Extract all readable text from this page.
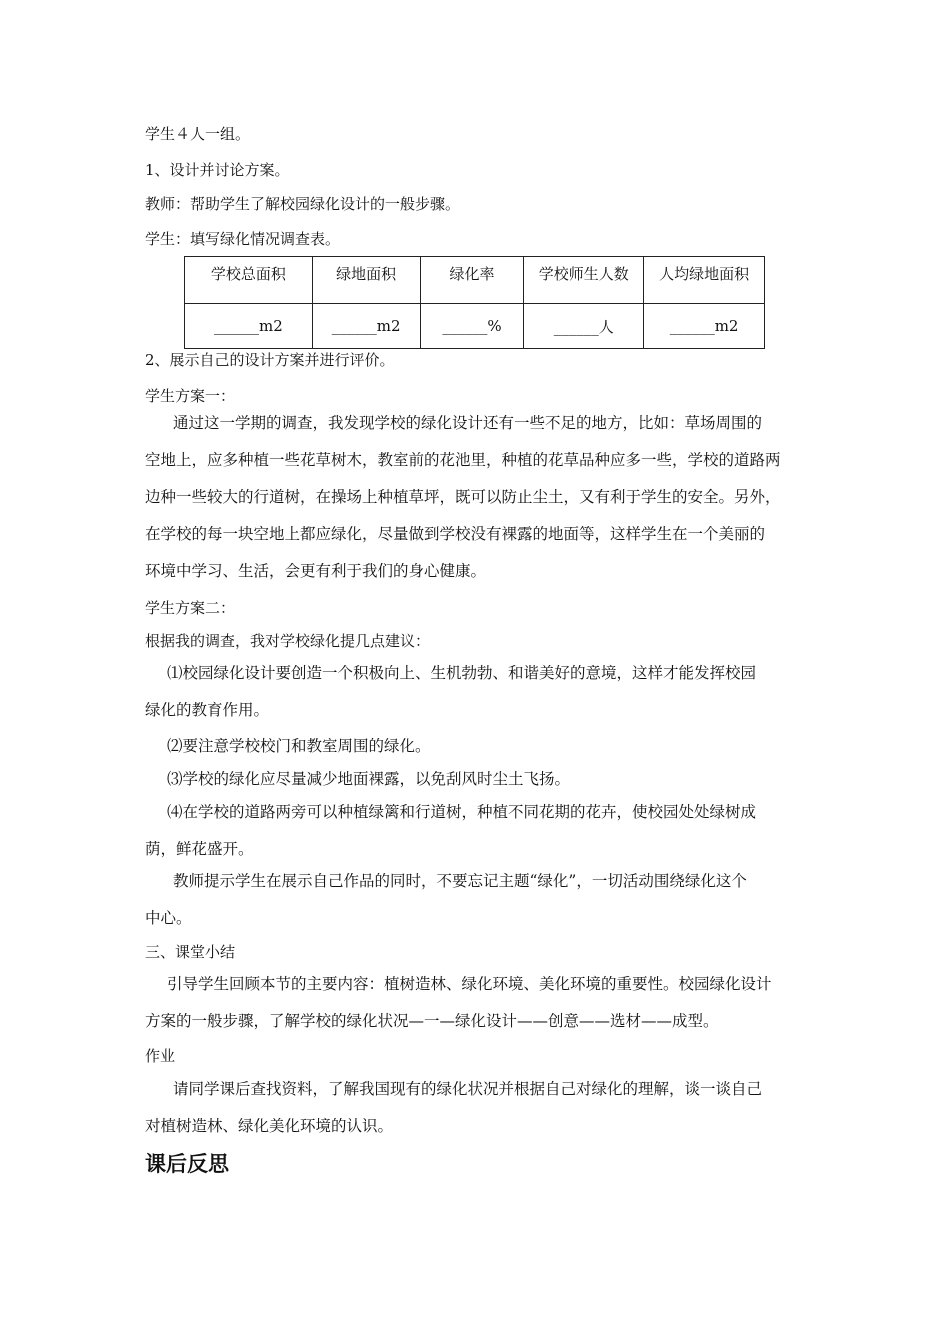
学生４人一组。
1、设计并讨论方案。
教师：帮助学生了解校园绿化设计的一般步骤。
学生：填写绿化情况调查表。
学校总面积	绿地面积	绿化率	学校师生人数	人均绿地面积
______m2	______m2	______%	______人	______m2
2、展示自己的设计方案并进行评价。
学生方案一：
通过这一学期的调查，我发现学校的绿化设计还有一些不足的地方，比如：草场周围的
空地上，应多种植一些花草树木，教室前的花池里，种植的花草品种应多一些，学校的道路两
边种一些较大的行道树，在操场上种植草坪，既可以防止尘土，又有利于学生的安全。另外，
在学校的每一块空地上都应绿化，尽量做到学校没有裸露的地面等，这样学生在一个美丽的
环境中学习、生活，会更有利于我们的身心健康。
学生方案二：
根据我的调查，我对学校绿化提几点建议：
⑴校园绿化设计要创造一个积极向上、生机勃勃、和谐美好的意境，这样才能发挥校园
绿化的教育作用。
⑵要注意学校校门和教室周围的绿化。
⑶学校的绿化应尽量减少地面裸露，以免刮风时尘土飞扬。
⑷在学校的道路两旁可以种植绿篱和行道树，种植不同花期的花卉，使校园处处绿树成
荫，鲜花盛开。
教师提示学生在展示自己作品的同时，不要忘记主题“绿化”，一切活动围绕绿化这个
中心。
三、课堂小结
引导学生回顾本节的主要内容：植树造林、绿化环境、美化环境的重要性。校园绿化设计
方案的一般步骤，了解学校的绿化状况—一—绿化设计——创意——选材——成型。
作业
请同学课后查找资料，了解我国现有的绿化状况并根据自己对绿化的理解，谈一谈自己
对植树造林、绿化美化环境的认识。
课后反思
